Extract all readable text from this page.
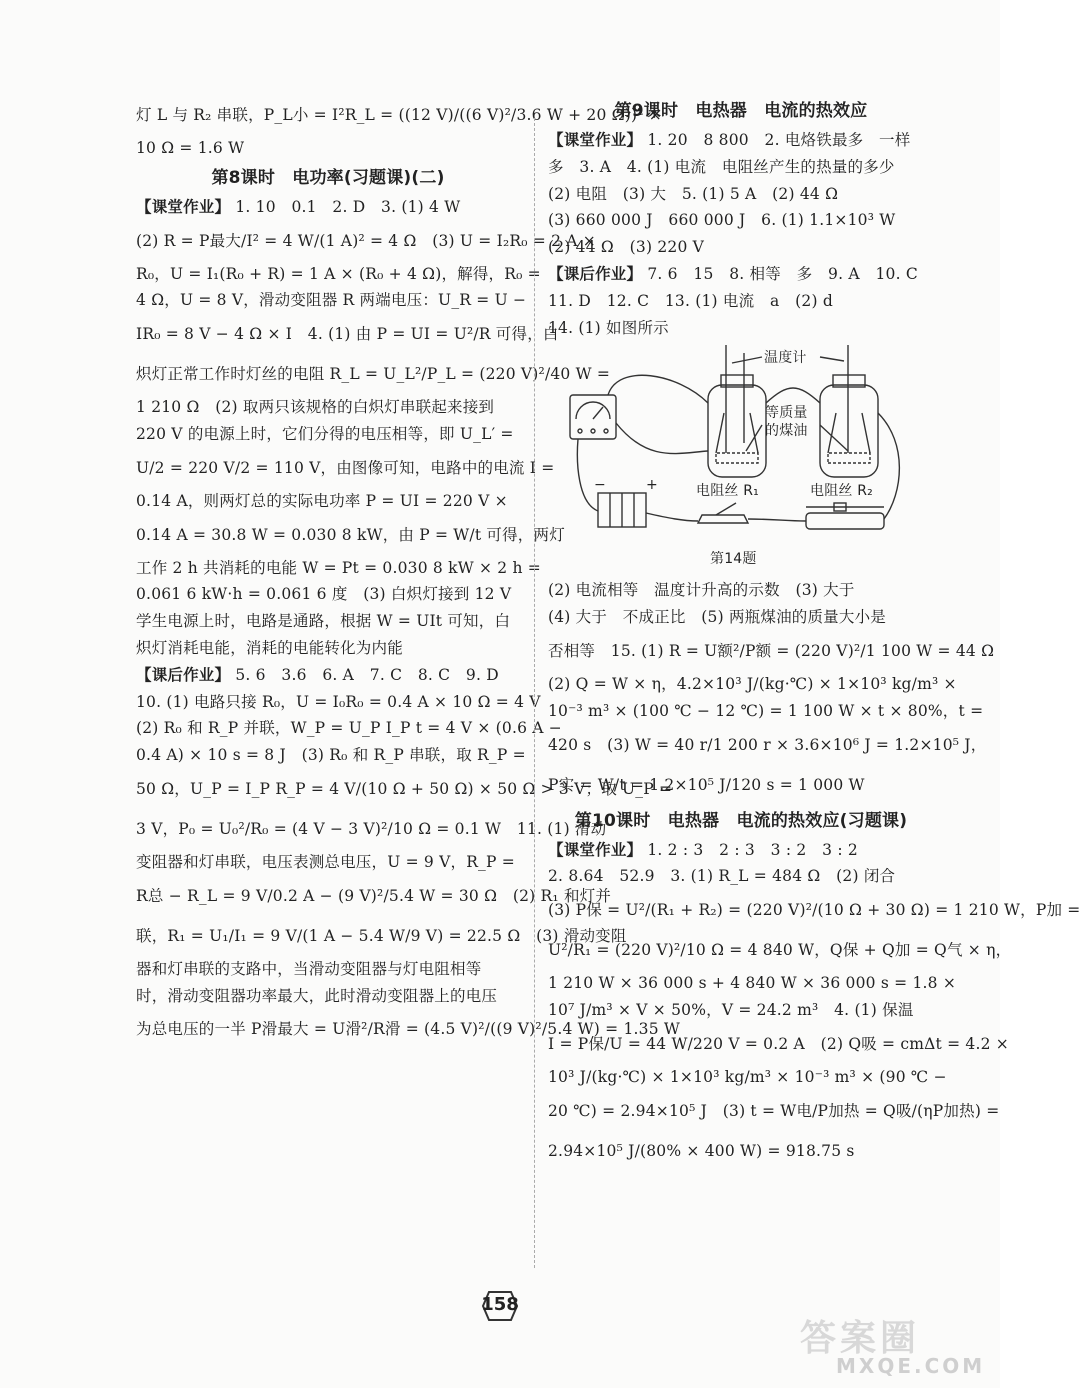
灯 L 与 R₂ 串联，P_L小 = I²R_L = ((12 V)/((6 V)²/3.6 W + 20 Ω))² ×
10 Ω = 1.6 W
第8课时　电功率(习题课)(二)
【课堂作业】 1. 10　0.1　2. D　3. (1) 4 W
(2) R = P最大/I² = 4 W/(1 A)² = 4 Ω　(3) U = I₂R₀ = 2 A ×
R₀，U = I₁(R₀ + R) = 1 A × (R₀ + 4 Ω)，解得，R₀ =
4 Ω，U = 8 V，滑动变阻器 R 两端电压：U_R = U −
IR₀ = 8 V − 4 Ω × I　4. (1) 由 P = UI = U²/R 可得，白
炽灯正常工作时灯丝的电阻 R_L = U_L²/P_L = (220 V)²/40 W =
1 210 Ω　(2) 取两只该规格的白炽灯串联起来接到
220 V 的电源上时，它们分得的电压相等，即 U_L′ =
U/2 = 220 V/2 = 110 V，由图像可知，电路中的电流 I =
0.14 A，则两灯总的实际电功率 P = UI = 220 V ×
0.14 A = 30.8 W = 0.030 8 kW，由 P = W/t 可得，两灯
工作 2 h 共消耗的电能 W = Pt = 0.030 8 kW × 2 h =
0.061 6 kW·h = 0.061 6 度　(3) 白炽灯接到 12 V
学生电源上时，电路是通路，根据 W = UIt 可知，白
炽灯消耗电能，消耗的电能转化为内能
【课后作业】 5. 6　3.6　6. A　7. C　8. C　9. D
10. (1) 电路只接 R₀，U = I₀R₀ = 0.4 A × 10 Ω = 4 V
(2) R₀ 和 R_P 并联，W_P = U_P I_P t = 4 V × (0.6 A −
0.4 A) × 10 s = 8 J　(3) R₀ 和 R_P 串联，取 R_P =
50 Ω，U_P = I_P R_P = 4 V/(10 Ω + 50 Ω) × 50 Ω > 3 V；取 U_P =
3 V，P₀ = U₀²/R₀ = (4 V − 3 V)²/10 Ω = 0.1 W　11. (1) 滑动
变阻器和灯串联，电压表测总电压，U = 9 V，R_P =
R总 − R_L = 9 V/0.2 A − (9 V)²/5.4 W = 30 Ω　(2) R₁ 和灯并
联，R₁ = U₁/I₁ = 9 V/(1 A − 5.4 W/9 V) = 22.5 Ω　(3) 滑动变阻
器和灯串联的支路中，当滑动变阻器与灯电阻相等
时，滑动变阻器功率最大，此时滑动变阻器上的电压
为总电压的一半 P滑最大 = U滑²/R滑 = (4.5 V)²/((9 V)²/5.4 W) = 1.35 W
第9课时　电热器　电流的热效应
【课堂作业】 1. 20　8 800　2. 电烙铁最多　一样
多　3. A　4. (1) 电流　电阻丝产生的热量的多少
(2) 电阻　(3) 大　5. (1) 5 A　(2) 44 Ω
(3) 660 000 J　660 000 J　6. (1) 1.1×10³ W
(2) 44 Ω　(3) 220 V
【课后作业】 7. 6　15　8. 相等　多　9. A　10. C
11. D　12. C　13. (1) 电流　a　(2) d
14. (1) 如图所示
温度计
等质量
的煤油
电阻丝 R₁	电阻丝 R₂
−	+
第14题
(2) 电流相等　温度计升高的示数　(3) 大于
(4) 大于　不成正比　(5) 两瓶煤油的质量大小是
否相等　15. (1) R = U额²/P额 = (220 V)²/1 100 W = 44 Ω
(2) Q = W × η，4.2×10³ J/(kg·℃) × 1×10³ kg/m³ ×
10⁻³ m³ × (100 ℃ − 12 ℃) = 1 100 W × t × 80%，t =
420 s　(3) W = 40 r/1 200 r × 3.6×10⁶ J = 1.2×10⁵ J，
P实 = W/t = 1.2×10⁵ J/120 s = 1 000 W
第10课时　电热器　电流的热效应(习题课)
【课堂作业】 1. 2 : 3　2 : 3　3 : 2　3 : 2
2. 8.64　52.9　3. (1) R_L = 484 Ω　(2) 闭合
(3) P保 = U²/(R₁ + R₂) = (220 V)²/(10 Ω + 30 Ω) = 1 210 W，P加 =
U²/R₁ = (220 V)²/10 Ω = 4 840 W，Q保 + Q加 = Q气 × η，
1 210 W × 36 000 s + 4 840 W × 36 000 s = 1.8 ×
10⁷ J/m³ × V × 50%，V = 24.2 m³　4. (1) 保温
I = P保/U = 44 W/220 V = 0.2 A　(2) Q吸 = cmΔt = 4.2 ×
10³ J/(kg·℃) × 1×10³ kg/m³ × 10⁻³ m³ × (90 ℃ −
20 ℃) = 2.94×10⁵ J　(3) t = W电/P加热 = Q吸/(ηP加热) =
2.94×10⁵ J/(80% × 400 W) = 918.75 s
158
答案圈
MXQE.COM
